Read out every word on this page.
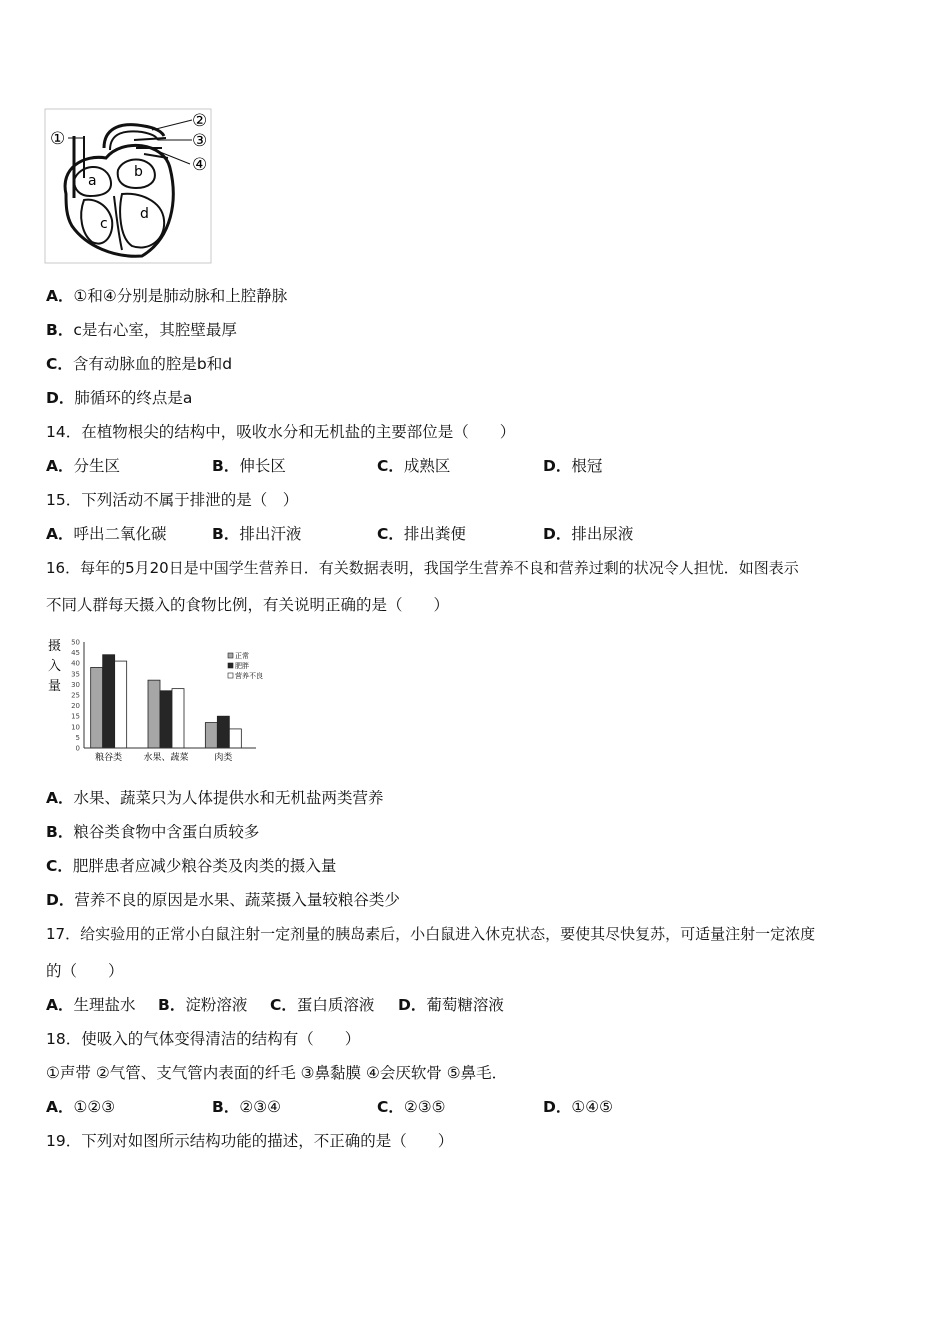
①
②
③
④
a
b
c
d
A．①和④分别是肺动脉和上腔静脉
B．c是右心室，其腔壁最厚
C．含有动脉血的腔是b和d
D．肺循环的终点是a
14．在植物根尖的结构中，吸收水分和无机盐的主要部位是（　　）
A．分生区	B．伸长区	C．成熟区	D．根冠
15．下列活动不属于排泄的是（　）
A．呼出二氧化碳	B．排出汗液	C．排出粪便	D．排出尿液
16．每年的5月20日是中国学生营养日．有关数据表明，我国学生营养不良和营养过剩的状况令人担忧．如图表示
不同人群每天摄入的食物比例，有关说明正确的是（　　）
摄
入
量
0
5
10
15
20
25
30
35
40
45
50
粮谷类 水果、蔬菜	肉类
正常
肥胖
营养不良
A．水果、蔬菜只为人体提供水和无机盐两类营养
B．粮谷类食物中含蛋白质较多
C．肥胖患者应减少粮谷类及肉类的摄入量
D．营养不良的原因是水果、蔬菜摄入量较粮谷类少
17．给实验用的正常小白鼠注射一定剂量的胰岛素后，小白鼠进入休克状态，要使其尽快复苏，可适量注射一定浓度
的（　　）
A．生理盐水 B．淀粉溶液 C．蛋白质溶液 D．葡萄糖溶液
18．使吸入的气体变得清洁的结构有（　　）
①声带 ②气管、支气管内表面的纤毛 ③鼻黏膜 ④会厌软骨 ⑤鼻毛．
A．①②③	B．②③④	C．②③⑤	D．①④⑤
19．下列对如图所示结构功能的描述，不正确的是（　　）
